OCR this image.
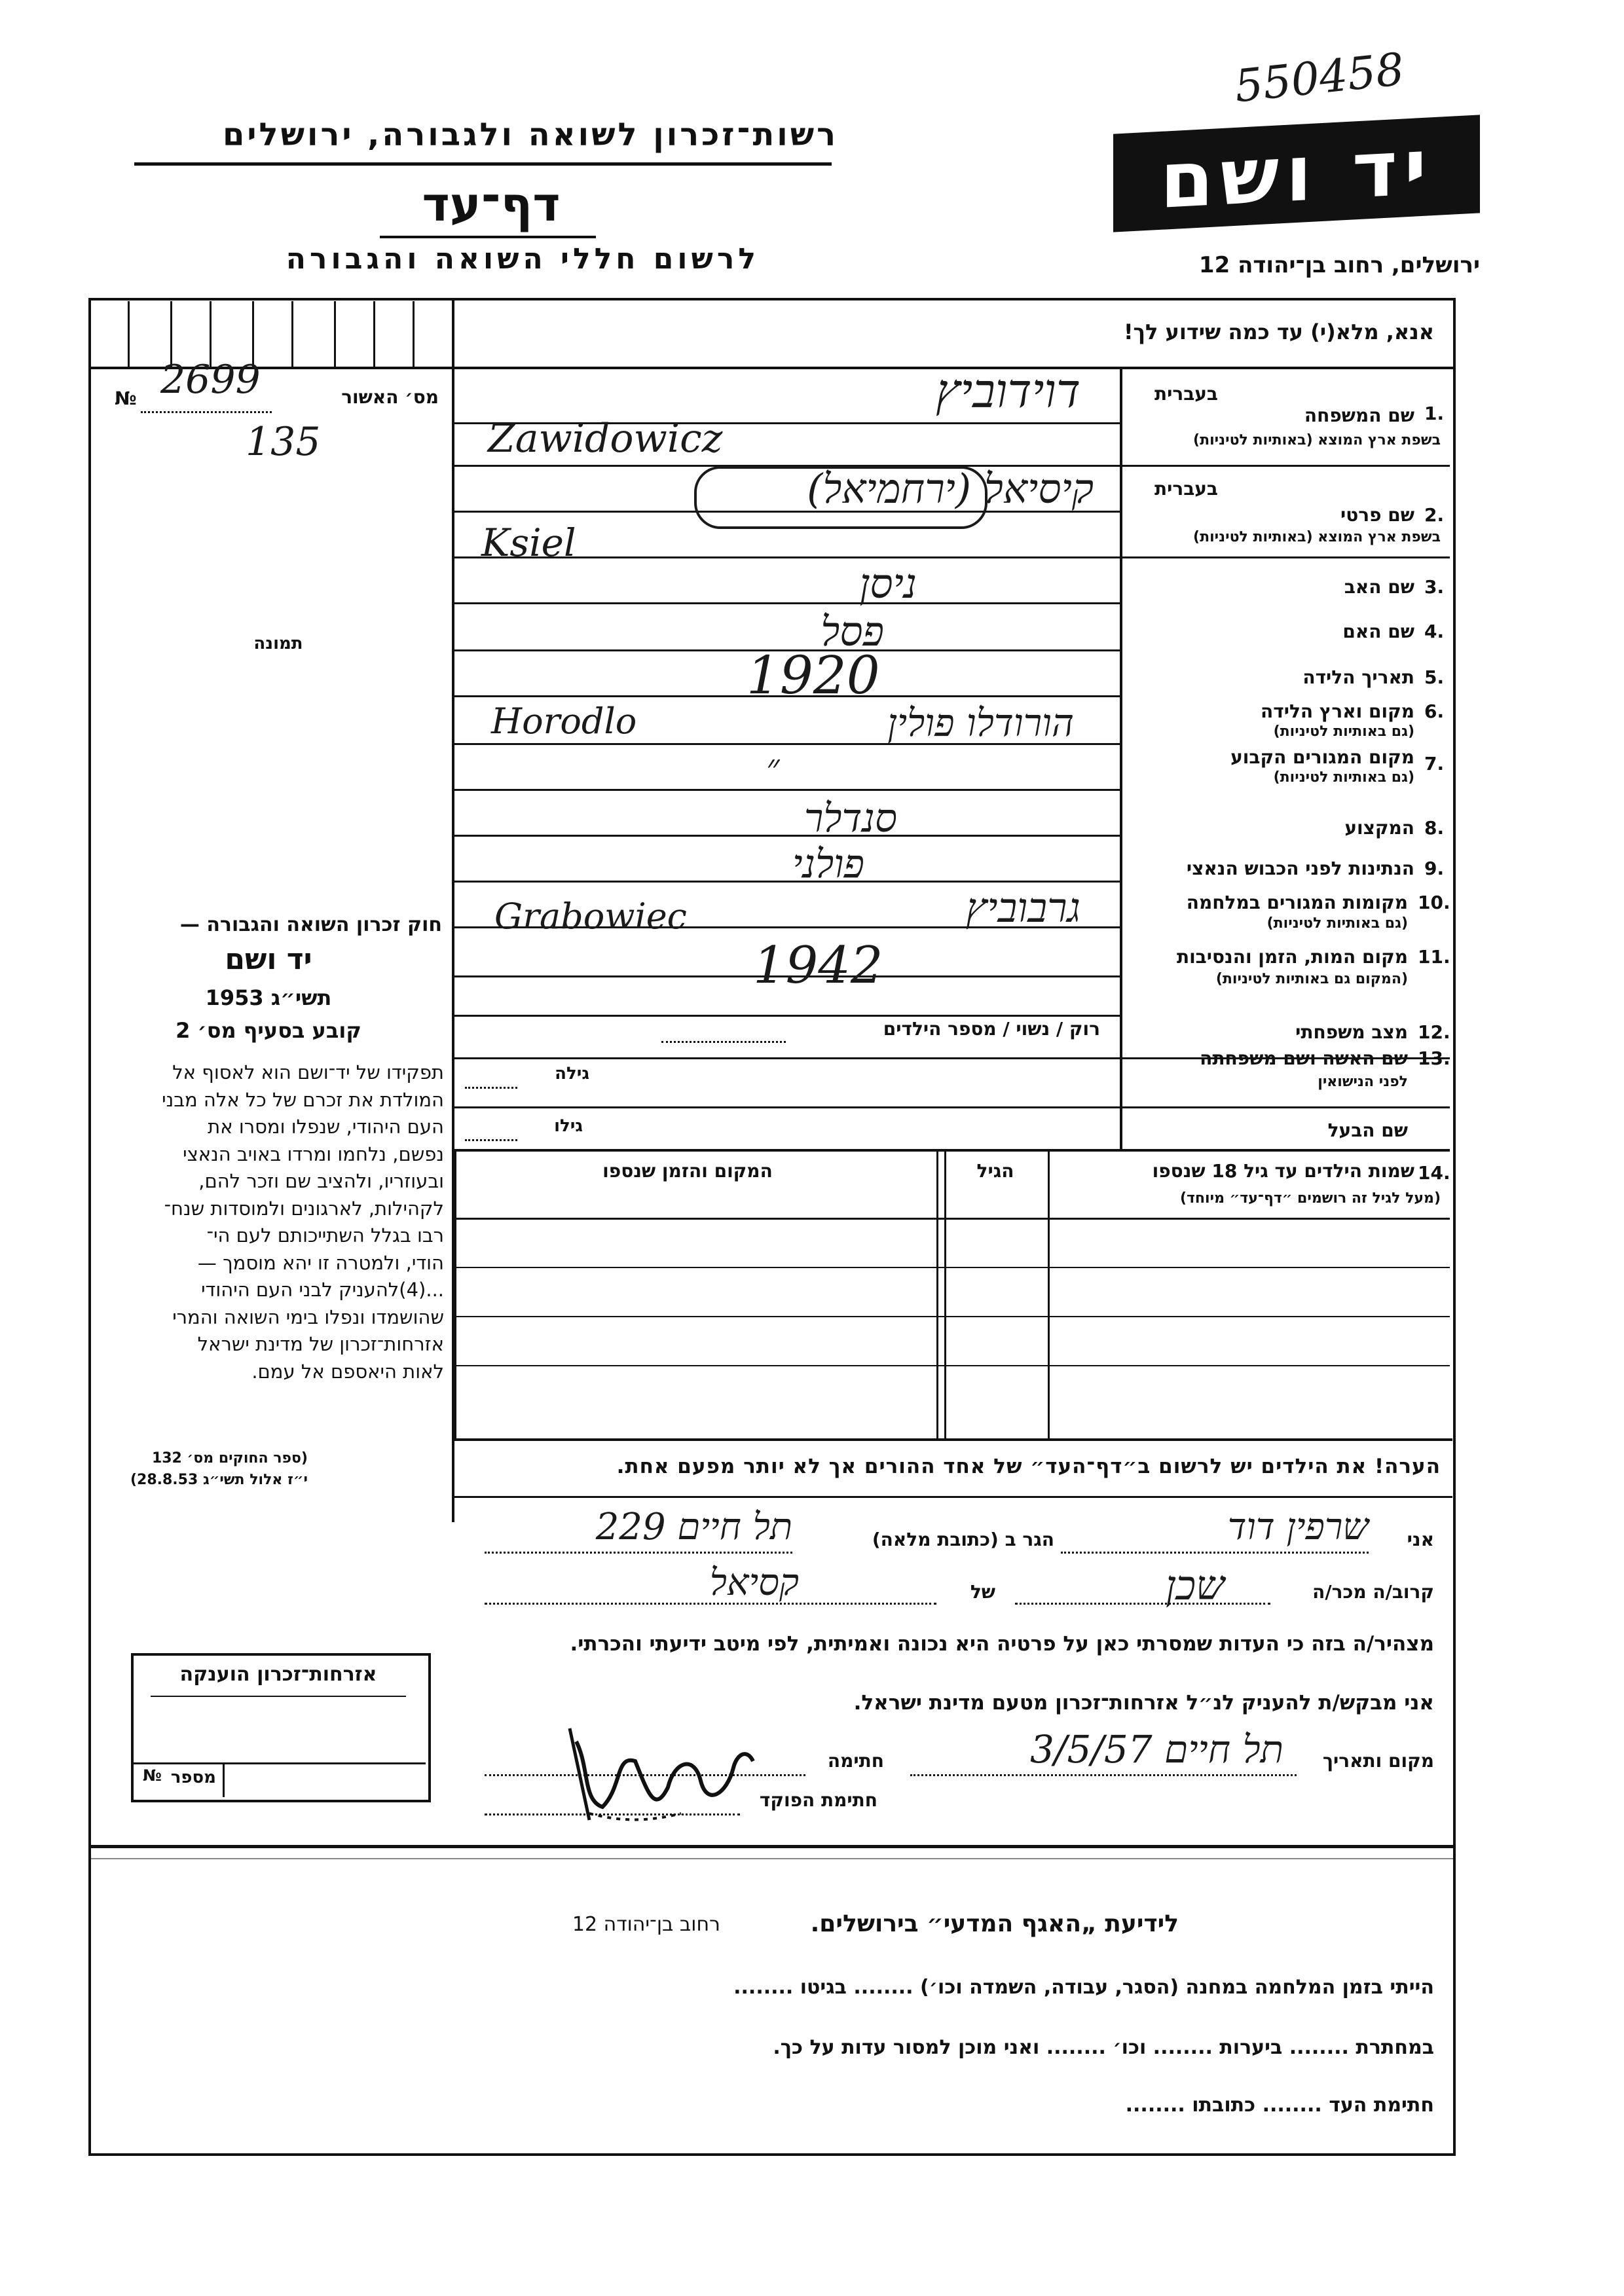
550458
רשות־זכרון לשואה ולגבורה, ירושלים
דף־עד
לרשום חללי השואה והגבורה
יד ושם
ירושלים, רחוב בן־יהודה 12
אנא, מלא(י) עד כמה שידוע לך!
מס׳ האשור
№ 2699
135
תמונה
חוק זכרון השואה והגבורה —
יד ושם
תשי״ג 1953
קובע בסעיף מס׳ 2
תפקידו של יד־ושם הוא לאסוף אל
המולדת את זכרם של כל אלה מבני
העם היהודי, שנפלו ומסרו את
נפשם, נלחמו ומרדו באויב הנאצי
ובעוזריו, ולהציב שם וזכר להם,
לקהילות, לארגונים ולמוסדות שנח־
רבו בגלל השתייכותם לעם הי־
הודי, ולמטרה זו יהא מוסמך —
...(4)להעניק לבני העם היהודי
שהושמדו ונפלו בימי השואה והמרי
אזרחות־זכרון של מדינת ישראל
לאות היאספם אל עמם.
(ספר החוקים מס׳ 132
י״ז אלול תשי״ג 28.8.53)
אזרחות־זכרון הוענקה
מספר
№
1.
בעברית
שם המשפחה
בשפת ארץ המוצא (באותיות לטיניות)
דוידוביץ
Zawidowicz
2.
בעברית
שם פרטי
בשפת ארץ המוצא (באותיות לטיניות)
קיסיאל (ירחמיאל)
Ksiel
3.
שם האב
ניסן
4.
שם האם
פסל
5.
תאריך הלידה
1920
6.
מקום וארץ הלידה
(גם באותיות לטיניות)
הורודלו פולין
Horodlo
7.
מקום המגורים הקבוע
(גם באותיות לטיניות)
״
8.
המקצוע
סנדלר
9.
הנתינות לפני הכבוש הנאצי
פולני
10.
מקומות המגורים במלחמה
(גם באותיות לטיניות)
גרבוביץ
Grabowiec
11.
מקום המות, הזמן והנסיבות
(המקום גם באותיות לטיניות)
1942
12.
מצב משפחתי
רוק / נשוי / מספר הילדים
13.
שם האשה ושם משפחתה
לפני הנישואין
גילה
שם הבעל
גילו
14.
שמות הילדים עד גיל 18 שנספו
(מעל לגיל זה רושמים ״דף־עד״ מיוחד)
הגיל
המקום והזמן שנספו
הערה! את הילדים יש לרשום ב״דף־העד״ של אחד ההורים אך לא יותר מפעם אחת.
אני
שרפין דוד
הגר ב (כתובת מלאה)
תל חיים 229
קרוב/ה מכר/ה
שכן
של
קסיאל
מצהיר/ה בזה כי העדות שמסרתי כאן על פרטיה היא נכונה ואמיתית, לפי מיטב ידיעתי והכרתי.
אני מבקש/ת להעניק לנ״ל אזרחות־זכרון מטעם מדינת ישראל.
מקום ותאריך
תל חיים 3/5/57
חתימה
חתימת הפוקד
לידיעת „האגף המדעי״ בירושלים.
רחוב בן־יהודה 12
הייתי בזמן המלחמה במחנה (הסגר, עבודה, השמדה וכו׳) ........ בגיטו ........
במחתרת ........ ביערות ........ וכו׳ ........ ואני מוכן למסור עדות על כך.
חתימת העד ........ כתובתו ........
